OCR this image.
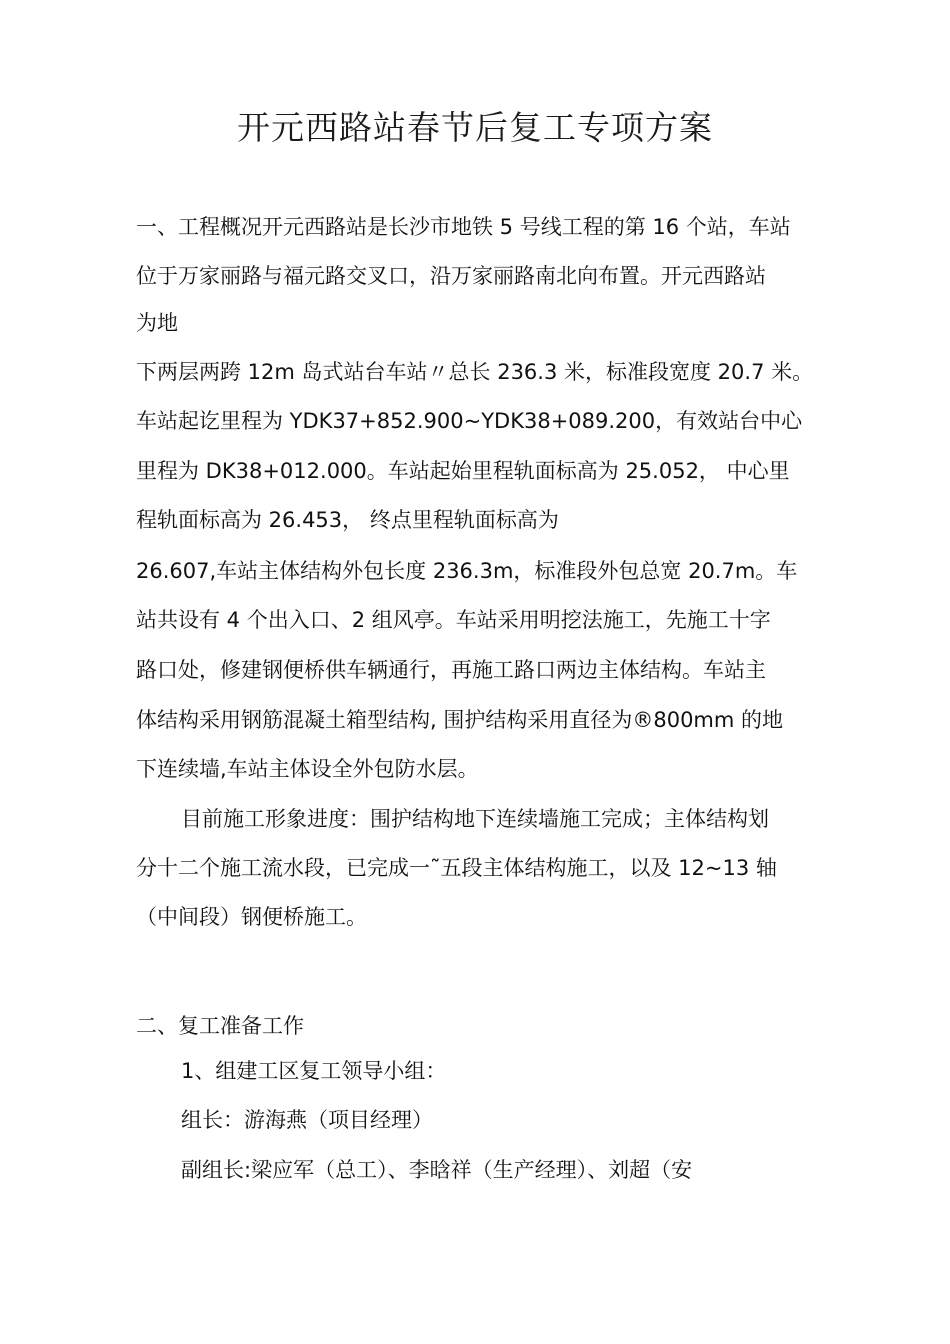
开元西路站春节后复工专项方案
一、工程概况开元西路站是长沙市地铁 5 号线工程的第 16 个站，车站
位于万家丽路与福元路交叉口，沿万家丽路南北向布置。开元西路站
为地
下两层两跨 12m 岛式站台车站〃总长 236.3 米，标准段宽度 20.7 米。
车站起讫里程为 YDK37+852.900~YDK38+089.200，有效站台中心
里程为 DK38+012.000。车站起始里程轨面标高为 25.052， 中心里
程轨面标高为 26.453， 终点里程轨面标高为
26.607,车站主体结构外包长度 236.3m，标准段外包总宽 20.7m。车
站共设有 4 个出入口、2 组风亭。车站采用明挖法施工，先施工十字
路口处，修建钢便桥供车辆通行，再施工路口两边主体结构。车站主
体结构采用钢筋混凝土箱型结构, 围护结构采用直径为®800mm 的地
下连续墙,车站主体设全外包防水层。
目前施工形象进度：围护结构地下连续墙施工完成；主体结构划
分十二个施工流水段，已完成一˜五段主体结构施工，以及 12~13 轴
（中间段）钢便桥施工。
二、复工准备工作
1、组建工区复工领导小组：
组长：游海燕（项目经理）
副组长:梁应军（总工）、李晗祥（生产经理）、刘超（安
